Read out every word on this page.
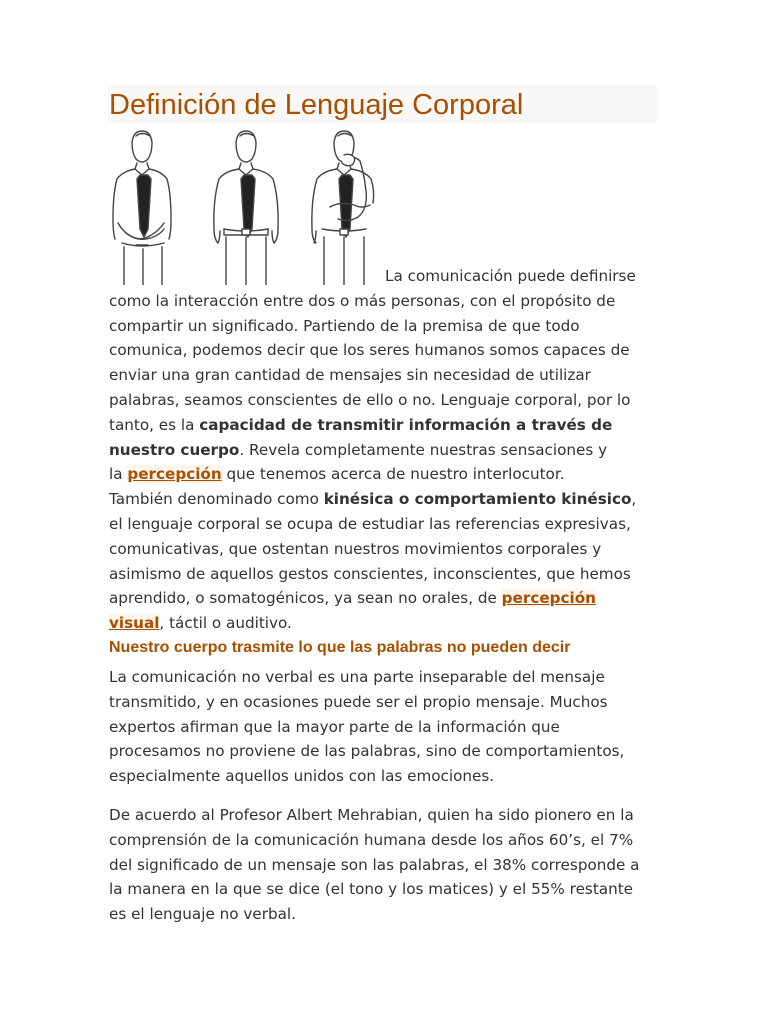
Definición de Lenguaje Corporal
La comunicación puede definirse
como la interacción entre dos o más personas, con el propósito de
compartir un significado. Partiendo de la premisa de que todo
comunica, podemos decir que los seres humanos somos capaces de
enviar una gran cantidad de mensajes sin necesidad de utilizar
palabras, seamos conscientes de ello o no. Lenguaje corporal, por lo
tanto, es la capacidad de transmitir información a través de
nuestro cuerpo. Revela completamente nuestras sensaciones y
la percepción que tenemos acerca de nuestro interlocutor.
También denominado como kinésica o comportamiento kinésico,
el lenguaje corporal se ocupa de estudiar las referencias expresivas,
comunicativas, que ostentan nuestros movimientos corporales y
asimismo de aquellos gestos conscientes, inconscientes, que hemos
aprendido, o somatogénicos, ya sean no orales, de percepción
visual, táctil o auditivo.
Nuestro cuerpo trasmite lo que las palabras no pueden decir
La comunicación no verbal es una parte inseparable del mensaje
transmitido, y en ocasiones puede ser el propio mensaje. Muchos
expertos afirman que la mayor parte de la información que
procesamos no proviene de las palabras, sino de comportamientos,
especialmente aquellos unidos con las emociones.
De acuerdo al Profesor Albert Mehrabian, quien ha sido pionero en la
comprensión de la comunicación humana desde los años 60’s, el 7%
del significado de un mensaje son las palabras, el 38% corresponde a
la manera en la que se dice (el tono y los matices) y el 55% restante
es el lenguaje no verbal.
